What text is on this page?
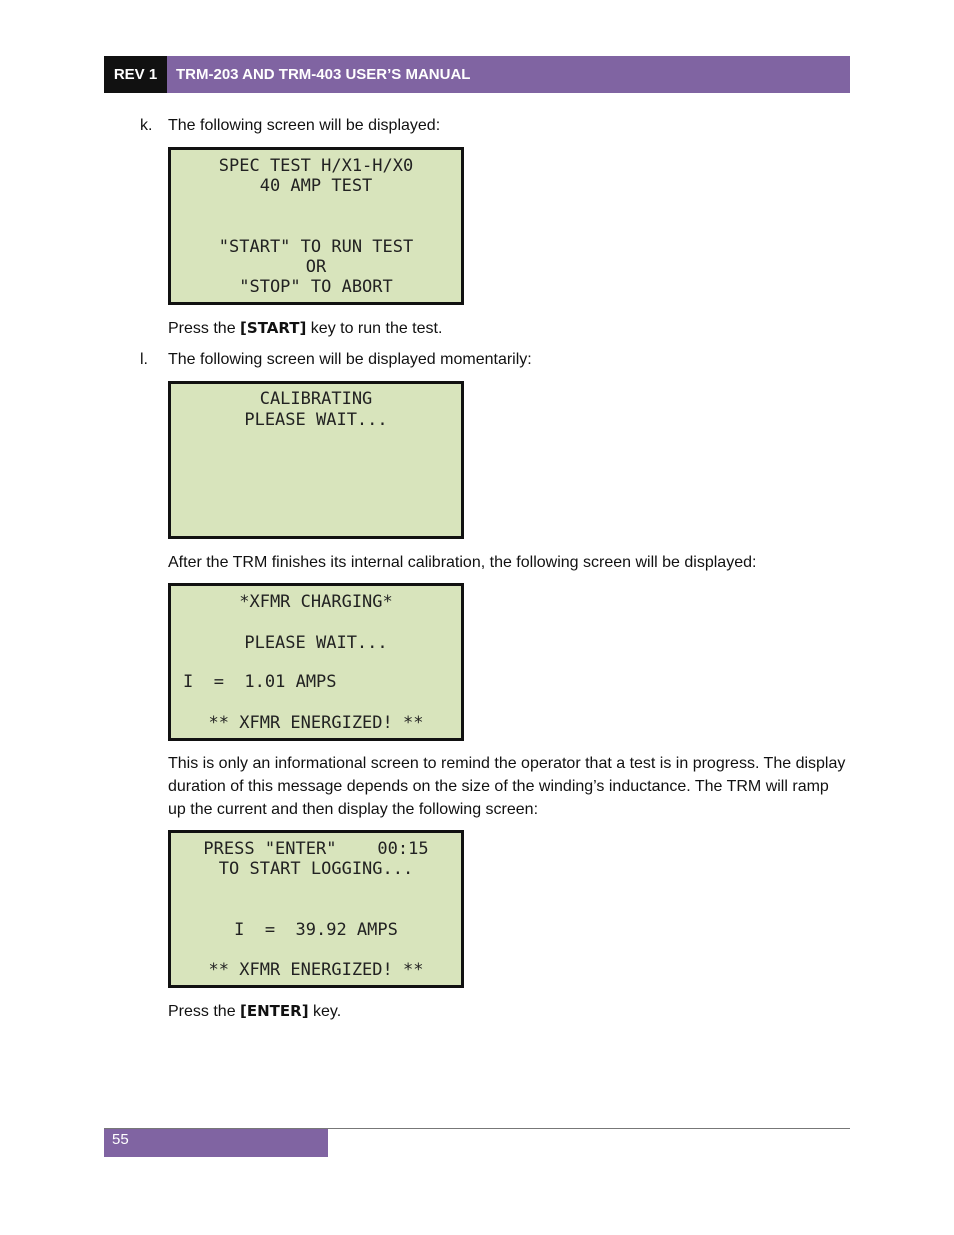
REV 1	TRM-203 AND TRM-403 USER’S MANUAL
k. The following screen will be displayed:
SPEC TEST H/X1-H/X0
40 AMP TEST
"START" TO RUN TEST
OR
"STOP" TO ABORT
Press the [START] key to run the test.
l. The following screen will be displayed momentarily:
CALIBRATING
PLEASE WAIT...
After the TRM finishes its internal calibration, the following screen will be displayed:
*XFMR CHARGING*
PLEASE WAIT...
I  =  1.01 AMPS
** XFMR ENERGIZED! **
This is only an informational screen to remind the operator that a test is in progress. The display duration of this message depends on the size of the winding’s inductance. The TRM will ramp up the current and then display the following screen:
PRESS "ENTER"    00:15
TO START LOGGING...
I  =  39.92 AMPS
** XFMR ENERGIZED! **
Press the [ENTER] key.
55
